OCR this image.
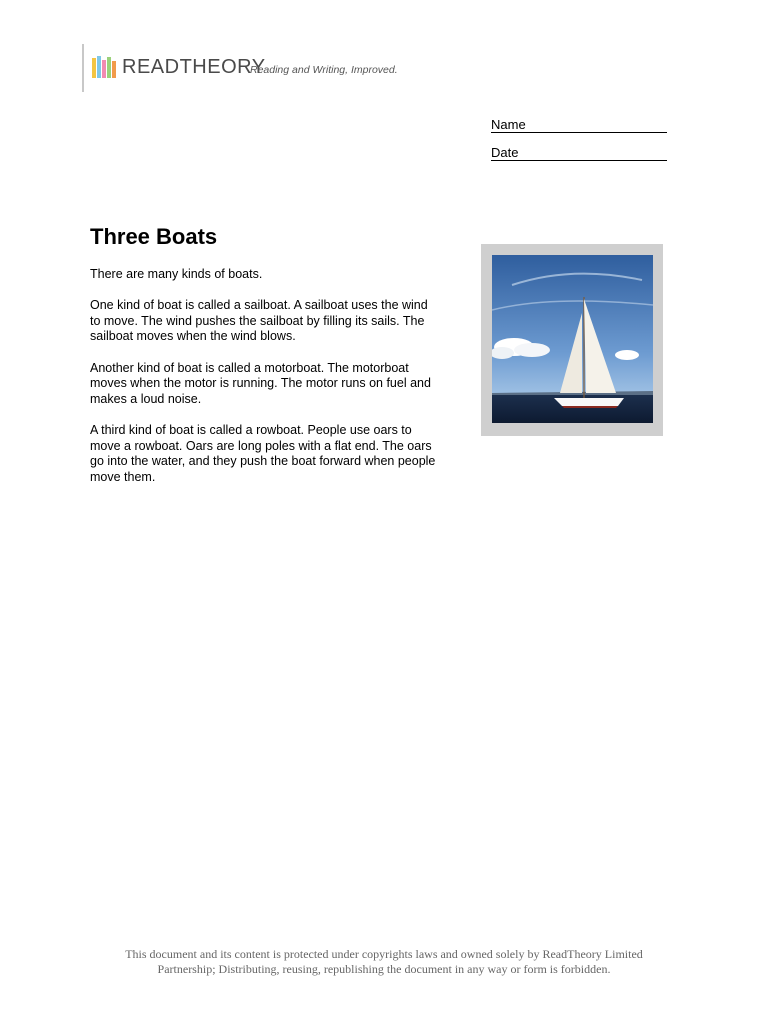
READTHEORY
Reading and Writing, Improved.
Name
Date
Three Boats

There are many kinds of boats.

One kind of boat is called a sailboat. A sailboat uses the wind to move. The wind pushes the sailboat by filling its sails. The sailboat moves when the wind blows.

Another kind of boat is called a motorboat. The motorboat moves when the motor is running. The motor runs on fuel and makes a loud noise.

A third kind of boat is called a rowboat. People use oars to move a rowboat. Oars are long poles with a flat end. The oars go into the water, and they push the boat forward when people move them.

This document and its content is protected under copyrights laws and owned solely by ReadTheory Limited
Partnership; Distributing, reusing, republishing the document in any way or form is forbidden.
